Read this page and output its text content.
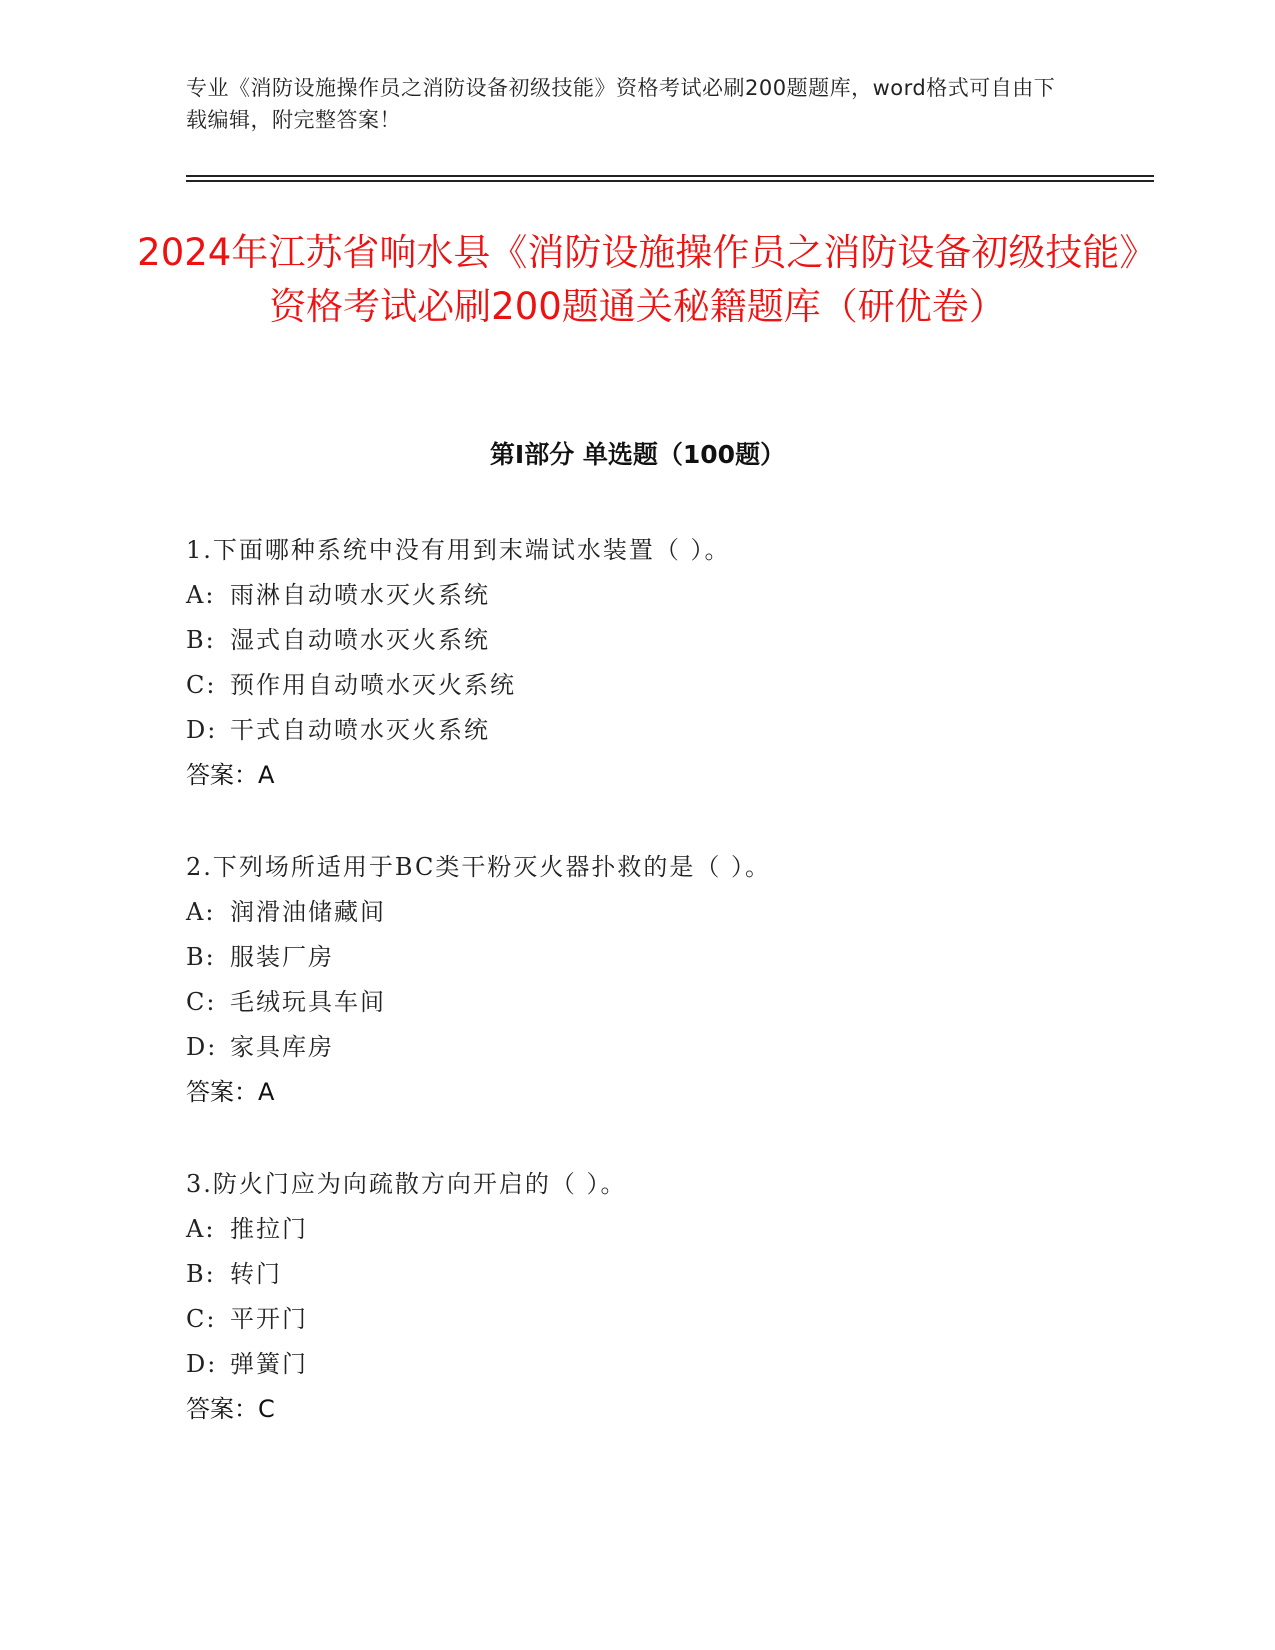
专业《消防设施操作员之消防设备初级技能》资格考试必刷200题题库，word格式可自由下载编辑，附完整答案！
2024年江苏省响水县《消防设施操作员之消防设备初级技能》资格考试必刷200题通关秘籍题库（研优卷）
第Ⅰ部分 单选题（100题）
1.下面哪种系统中没有用到末端试水装置（ ）。
A: 雨淋自动喷水灭火系统
B: 湿式自动喷水灭火系统
C: 预作用自动喷水灭火系统
D: 干式自动喷水灭火系统
答案：A
2.下列场所适用于BC类干粉灭火器扑救的是（ ）。
A: 润滑油储藏间
B: 服装厂房
C: 毛绒玩具车间
D: 家具库房
答案：A
3.防火门应为向疏散方向开启的（ ）。
A: 推拉门
B: 转门
C: 平开门
D: 弹簧门
答案：C
